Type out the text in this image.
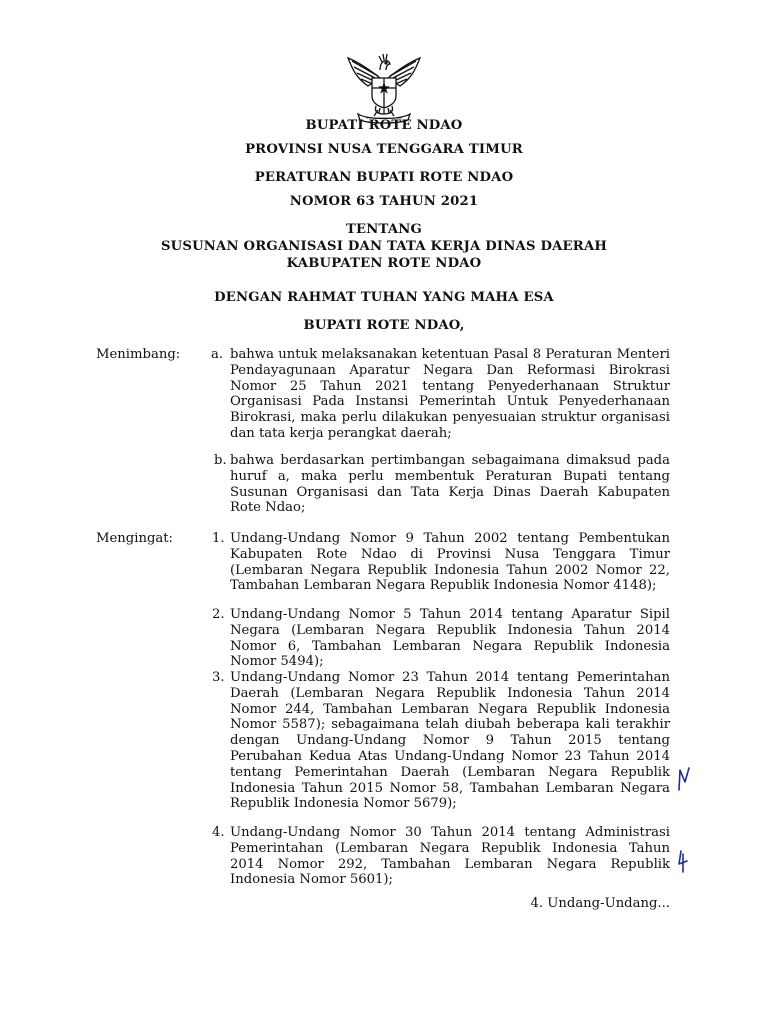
BUPATI ROTE NDAO
PROVINSI NUSA TENGGARA TIMUR
PERATURAN BUPATI ROTE NDAO
NOMOR 63 TAHUN 2021
TENTANG
SUSUNAN ORGANISASI DAN TATA KERJA DINAS DAERAH
KABUPATEN ROTE NDAO
DENGAN RAHMAT TUHAN YANG MAHA ESA
BUPATI ROTE NDAO,
Menimbang: a. bahwa untuk melaksanakan ketentuan Pasal 8 Peraturan Menteri Pendayagunaan Aparatur Negara Dan Reformasi Birokrasi Nomor 25 Tahun 2021 tentang Penyederhanaan Struktur Organisasi Pada Instansi Pemerintah Untuk Penyederhanaan Birokrasi, maka perlu dilakukan penyesuaian struktur organisasi dan tata kerja perangkat daerah;
b. bahwa berdasarkan pertimbangan sebagaimana dimaksud pada huruf a, maka perlu membentuk Peraturan Bupati tentang Susunan Organisasi dan Tata Kerja Dinas Daerah Kabupaten Rote Ndao;
Mengingat:	1. Undang-Undang Nomor 9 Tahun 2002 tentang Pembentukan Kabupaten Rote Ndao di Provinsi Nusa Tenggara Timur (Lembaran Negara Republik Indonesia Tahun 2002 Nomor 22, Tambahan Lembaran Negara Republik Indonesia Nomor 4148);
2. Undang-Undang Nomor 5 Tahun 2014 tentang Aparatur Sipil Negara (Lembaran Negara Republik Indonesia Tahun 2014 Nomor 6, Tambahan Lembaran Negara Republik Indonesia Nomor 5494);
3. Undang-Undang Nomor 23 Tahun 2014 tentang Pemerintahan Daerah (Lembaran Negara Republik Indonesia Tahun 2014 Nomor 244, Tambahan Lembaran Negara Republik Indonesia Nomor 5587); sebagaimana telah diubah beberapa kali terakhir dengan Undang-Undang Nomor 9 Tahun 2015 tentang Perubahan Kedua Atas Undang-Undang Nomor 23 Tahun 2014 tentang Pemerintahan Daerah (Lembaran Negara Republik Indonesia Tahun 2015 Nomor 58, Tambahan Lembaran Negara Republik Indonesia Nomor 5679);
4. Undang-Undang Nomor 30 Tahun 2014 tentang Administrasi Pemerintahan (Lembaran Negara Republik Indonesia Tahun 2014 Nomor 292, Tambahan Lembaran Negara Republik Indonesia Nomor 5601);
4. Undang-Undang...
